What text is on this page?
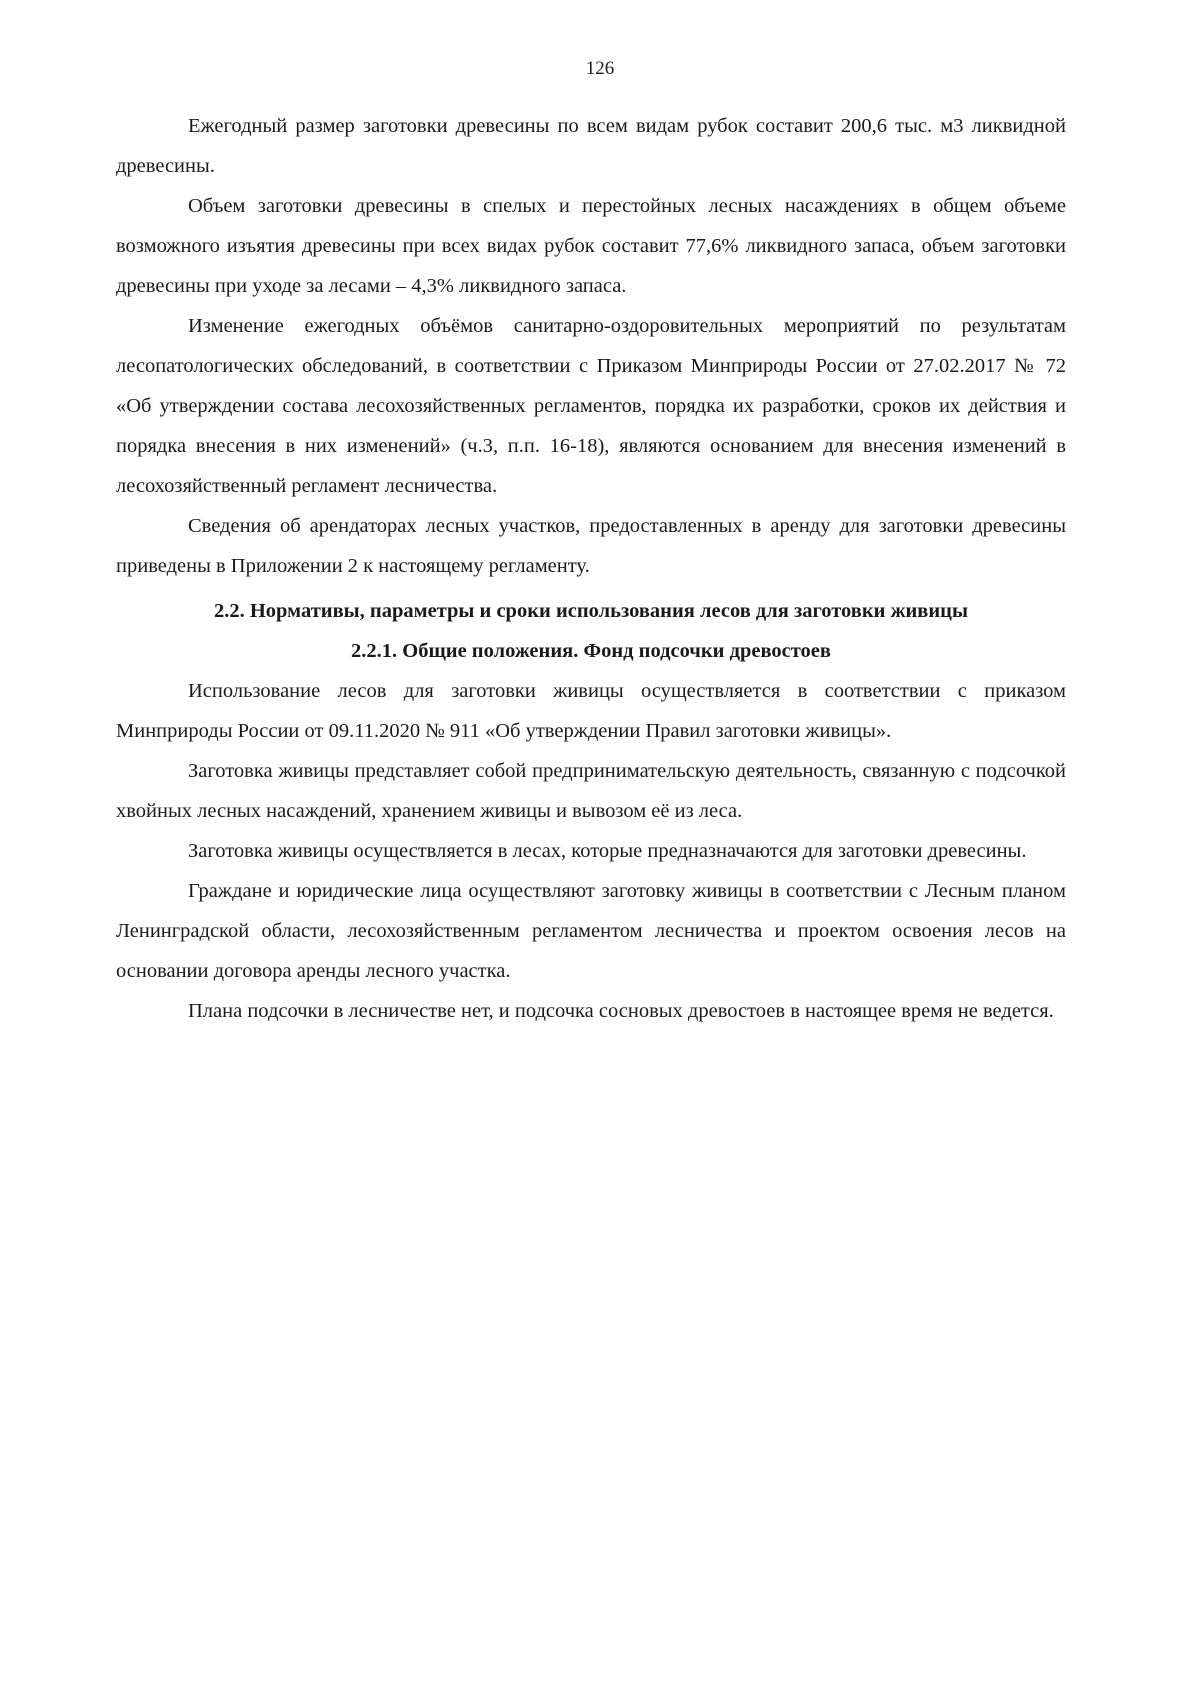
126

Ежегодный размер заготовки древесины по всем видам рубок составит 200,6 тыс. м3 ликвидной древесины.

Объем заготовки древесины в спелых и перестойных лесных насаждениях в общем объеме возможного изъятия древесины при всех видах рубок составит 77,6% ликвидного запаса, объем заготовки древесины при уходе за лесами – 4,3% ликвидного запаса.

Изменение ежегодных объёмов санитарно-оздоровительных мероприятий по результатам лесопатологических обследований, в соответствии с Приказом Минприроды России от 27.02.2017 № 72 «Об утверждении состава лесохозяйственных регламентов, порядка их разработки, сроков их действия и порядка внесения в них изменений» (ч.3, п.п. 16-18), являются основанием для внесения изменений в лесохозяйственный регламент лесничества.

Сведения об арендаторах лесных участков, предоставленных в аренду для заготовки древесины приведены в Приложении 2 к настоящему регламенту.

2.2. Нормативы, параметры и сроки использования лесов для заготовки живицы

2.2.1. Общие положения. Фонд подсочки древостоев

Использование лесов для заготовки живицы осуществляется в соответствии с приказом Минприроды России от 09.11.2020 № 911 «Об утверждении Правил заготовки живицы».

Заготовка живицы представляет собой предпринимательскую деятельность, связанную с подсочкой хвойных лесных насаждений, хранением живицы и вывозом её из леса.

Заготовка живицы осуществляется в лесах, которые предназначаются для заготовки древесины.

Граждане и юридические лица осуществляют заготовку живицы в соответствии с Лесным планом Ленинградской области, лесохозяйственным регламентом лесничества и проектом освоения лесов на основании договора аренды лесного участка.

Плана подсочки в лесничестве нет, и подсочка сосновых древостоев в настоящее время не ведется.
